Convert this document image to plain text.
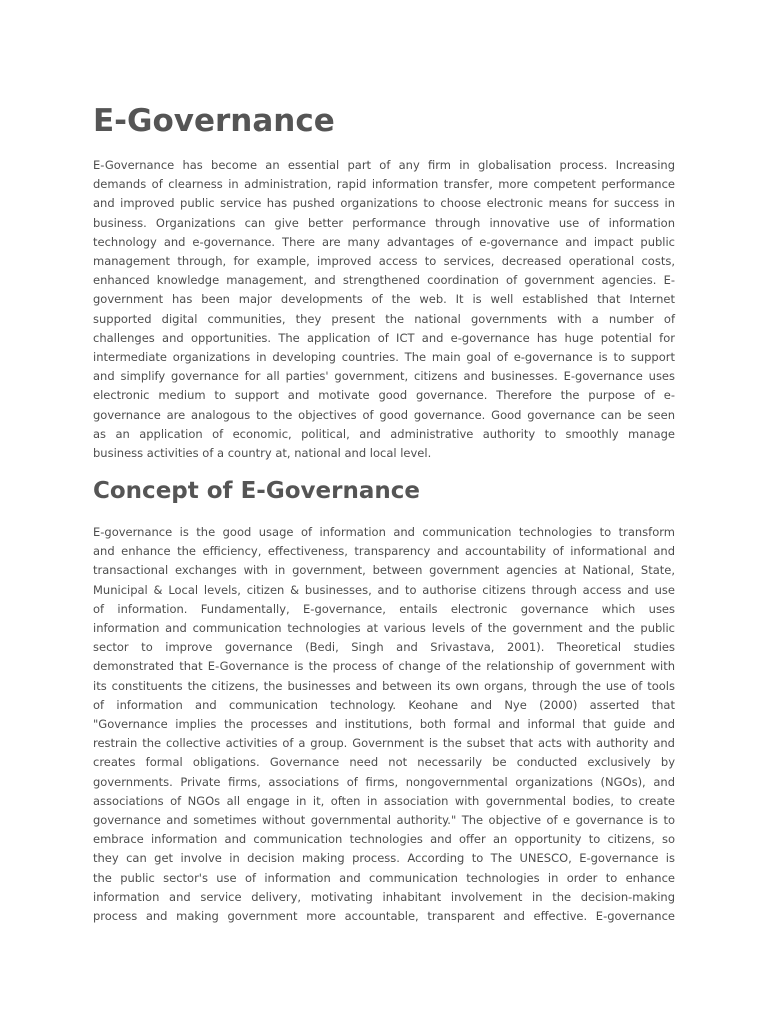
E-Governance
E-Governance has become an essential part of any firm in globalisation process. Increasing
demands of clearness in administration, rapid information transfer, more competent performance
and improved public service has pushed organizations to choose electronic means for success in
business. Organizations can give better performance through innovative use of information
technology and e-governance. There are many advantages of e-governance and impact public
management through, for example, improved access to services, decreased operational costs,
enhanced knowledge management, and strengthened coordination of government agencies. E-
government has been major developments of the web. It is well established that Internet
supported digital communities, they present the national governments with a number of
challenges and opportunities. The application of ICT and e-governance has huge potential for
intermediate organizations in developing countries. The main goal of e-governance is to support
and simplify governance for all parties' government, citizens and businesses. E-governance uses
electronic medium to support and motivate good governance. Therefore the purpose of e-
governance are analogous to the objectives of good governance. Good governance can be seen
as an application of economic, political, and administrative authority to smoothly manage
business activities of a country at, national and local level.
Concept of E-Governance
E-governance is the good usage of information and communication technologies to transform
and enhance the efficiency, effectiveness, transparency and accountability of informational and
transactional exchanges with in government, between government agencies at National, State,
Municipal & Local levels, citizen & businesses, and to authorise citizens through access and use
of information. Fundamentally, E-governance, entails electronic governance which uses
information and communication technologies at various levels of the government and the public
sector to improve governance (Bedi, Singh and Srivastava, 2001). Theoretical studies
demonstrated that E-Governance is the process of change of the relationship of government with
its constituents the citizens, the businesses and between its own organs, through the use of tools
of information and communication technology. Keohane and Nye (2000) asserted that
"Governance implies the processes and institutions, both formal and informal that guide and
restrain the collective activities of a group. Government is the subset that acts with authority and
creates formal obligations. Governance need not necessarily be conducted exclusively by
governments. Private firms, associations of firms, nongovernmental organizations (NGOs), and
associations of NGOs all engage in it, often in association with governmental bodies, to create
governance and sometimes without governmental authority." The objective of e governance is to
embrace information and communication technologies and offer an opportunity to citizens, so
they can get involve in decision making process. According to The UNESCO, E-governance is
the public sector's use of information and communication technologies in order to enhance
information and service delivery, motivating inhabitant involvement in the decision-making
process and making government more accountable, transparent and effective. E-governance
